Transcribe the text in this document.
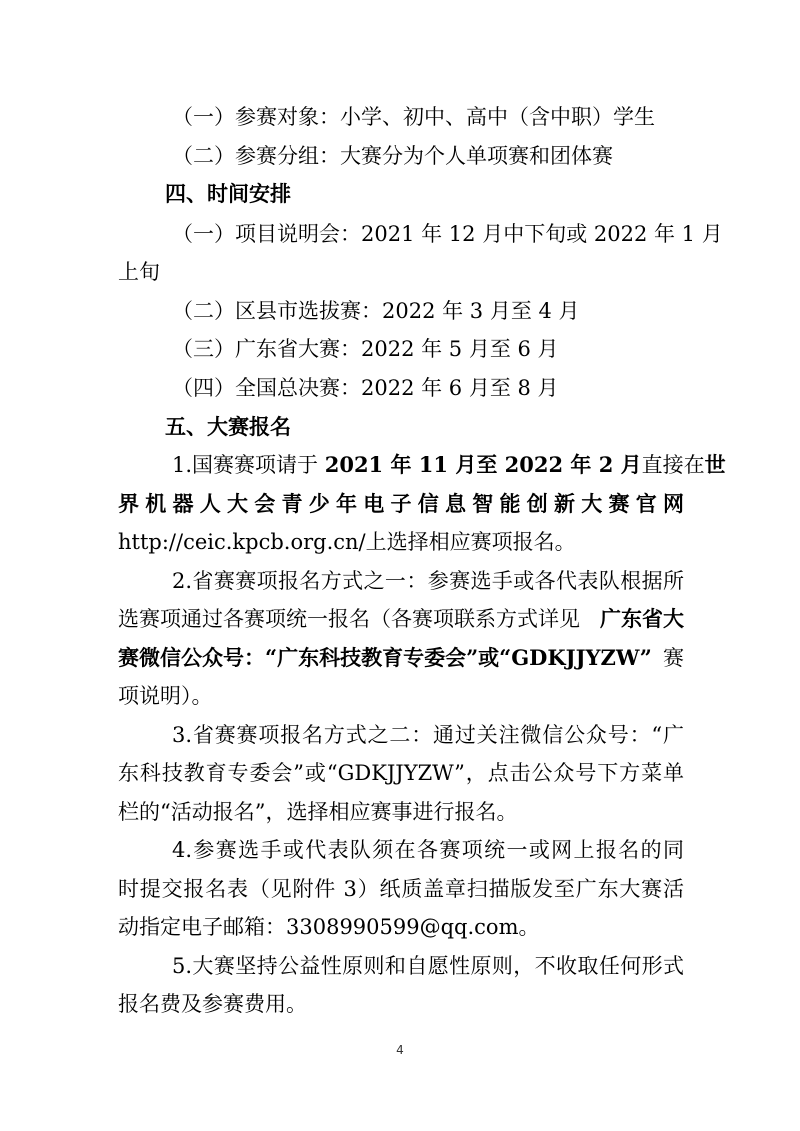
（一）参赛对象：小学、初中、高中（含中职）学生
（二）参赛分组：大赛分为个人单项赛和团体赛
四、时间安排
（一）项目说明会：2021 年 12 月中下旬或 2022 年 1 月
上旬
（二）区县市选拔赛：2022 年 3 月至 4 月
（三）广东省大赛：2022 年 5 月至 6 月
（四）全国总决赛：2022 年 6 月至 8 月
五、大赛报名
1.国赛赛项请于 2021 年 11 月至 2022 年 2 月直接在 世
界机器人大会青少年电子信息智能创新大赛官网
http://ceic.kpcb.org.cn/上选择相应赛项报名。
2.省赛赛项报名方式之一：参赛选手或各代表队根据所
选赛项通过各赛项统一报名（各赛项联系方式详见 广东省大
赛微信公众号：“广东科技教育专委会”或“GDKJJYZW” 赛
项说明）。
3.省赛赛项报名方式之二：通过关注微信公众号：“广
东科技教育专委会”或“GDKJJYZW”，点击公众号下方菜单
栏的“活动报名”，选择相应赛事进行报名。
4.参赛选手或代表队须在各赛项统一或网上报名的同
时提交报名表（见附件 3）纸质盖章扫描版发至广东大赛活
动指定电子邮箱：3308990599@qq.com。
5.大赛坚持公益性原则和自愿性原则，不收取任何形式
报名费及参赛费用。
4
